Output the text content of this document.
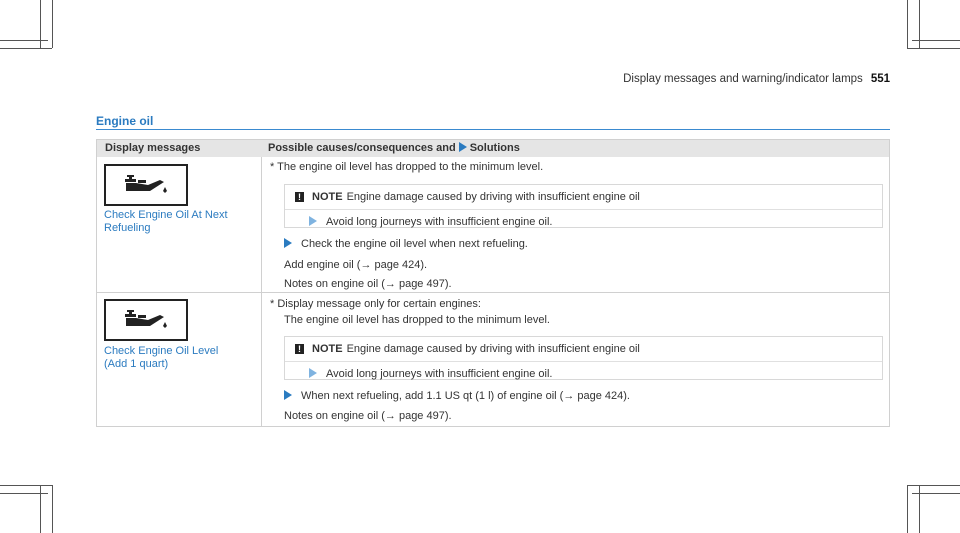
Display messages and warning/indicator lamps 551
Engine oil
Display messages	Possible causes/consequences and Solutions
Check Engine Oil At Next
Refueling
* The engine oil level has dropped to the minimum level.
! NOTE Engine damage caused by driving with insufficient engine oil
Avoid long journeys with insufficient engine oil.
Check the engine oil level when next refueling.
Add engine oil (→ page 424).
Notes on engine oil (→ page 497).
Check Engine Oil Level
(Add 1 quart)
* Display message only for certain engines:
The engine oil level has dropped to the minimum level.
! NOTE Engine damage caused by driving with insufficient engine oil
Avoid long journeys with insufficient engine oil.
When next refueling, add 1.1 US qt (1 l) of engine oil (→ page 424).
Notes on engine oil (→ page 497).
